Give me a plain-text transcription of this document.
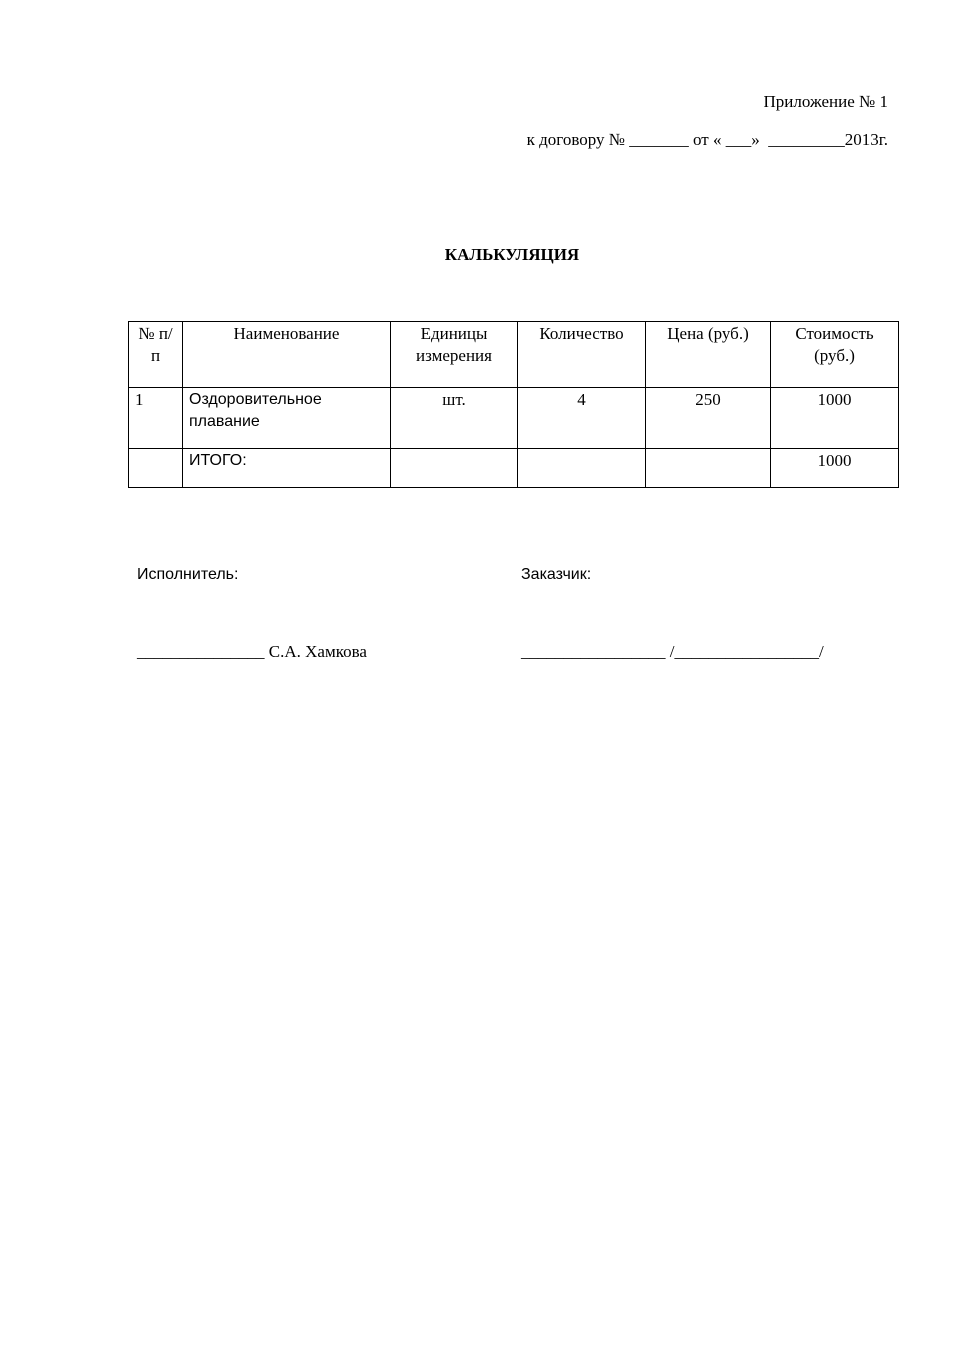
Приложение № 1
к договору № _______ от « ___»  _________2013г.
КАЛЬКУЛЯЦИЯ
№ п/п	Наименование	Единицы измерения	Количество	Цена (руб.)	Стоимость (руб.)
1	Оздоровительное плавание	шт.	4	250	1000
	ИТОГО:				1000
Исполнитель:	Заказчик:
_______________ С.А. Хамкова	_________________ /_________________/
